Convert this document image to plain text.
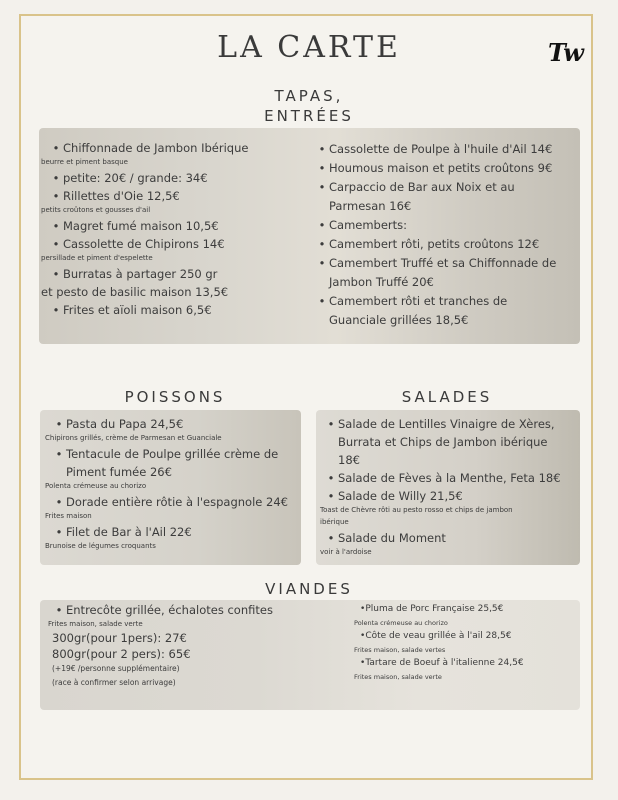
LA CARTE	Tw
TAPAS,
ENTRÉES
• Chiffonnade de Jambon Ibérique
beurre et piment basque
• petite: 20€ / grande: 34€
• Rillettes d'Oie 12,5€
petits croûtons et gousses d'ail
• Magret fumé maison 10,5€
• Cassolette de Chipirons 14€
persillade et piment d'espelette
• Burratas à partager 250 gr
et pesto de basilic maison 13,5€
• Frites et aïoli maison 6,5€
• Cassolette de Poulpe à l'huile d'Ail 14€
• Houmous maison et petits croûtons 9€
• Carpaccio de Bar aux Noix et au
Parmesan 16€
• Camemberts:
• Camembert rôti, petits croûtons 12€
• Camembert Truffé et sa Chiffonnade de
Jambon Truffé 20€
• Camembert rôti et tranches de
Guanciale grillées 18,5€
POISSONS
• Pasta du Papa 24,5€
Chipirons grillés, crème de Parmesan et Guanciale
• Tentacule de Poulpe grillée crème de
Piment fumée 26€
Polenta crémeuse au chorizo
• Dorade entière rôtie à l'espagnole 24€
Frites maison
• Filet de Bar à l'Ail 22€
Brunoise de légumes croquants
SALADES
• Salade de Lentilles Vinaigre de Xères,
Burrata et Chips de Jambon ibérique
18€
• Salade de Fèves à la Menthe, Feta 18€
• Salade de Willy 21,5€
Toast de Chèvre rôti au pesto rosso et chips de jambon
ibérique
• Salade du Moment
voir à l'ardoise
VIANDES
• Entrecôte grillée, échalotes confites
Frites maison, salade verte
300gr(pour 1pers): 27€
800gr(pour 2 pers): 65€
(+19€ /personne supplémentaire)
(race à confirmer selon arrivage)
•Pluma de Porc Française 25,5€
Polenta crémeuse au chorizo
•Côte de veau grillée à l'ail 28,5€
Frites maison, salade vertes
•Tartare de Boeuf à l'italienne 24,5€
Frites maison, salade verte
